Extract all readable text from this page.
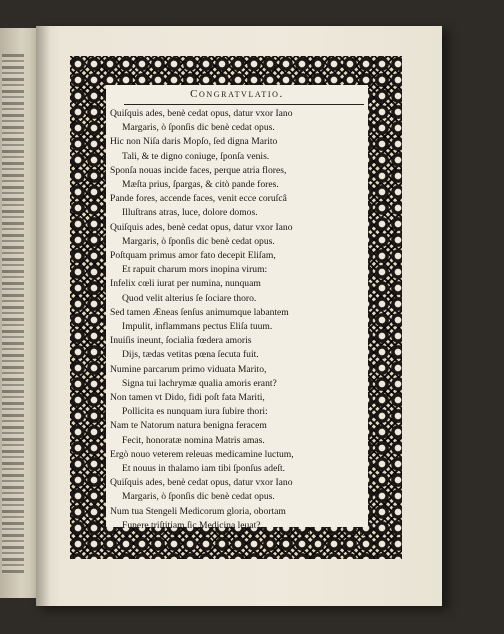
Congratvlatio.
Quiſquis ades, benè cedat opus, datur vxor Iano
Margaris, ò ſponſis dic benè cedat opus.
Hic non Niſa daris Mopſo, ſed digna Marito
Tali, & te digno coniuge, ſponſa venis.
Sponſa nouas incide faces, perque atria flores,
Mæſta prius, ſpargas, & citò pande fores.
Pande fores, accende faces, venit ecce coruſcâ
Illuſtrans atras, luce, dolore domos.
Quiſquis ades, benè cedat opus, datur vxor Iano
Margaris, ò ſponſis dic benè cedat opus.
Poſtquam primus amor fato decepit Eliſam,
Et rapuit charum mors inopina virum:
Infelix cœli iurat per numina, nunquam
Quod velit alterius ſe ſociare thoro.
Sed tamen Æneas ſenſus animumque labantem
Impulit, inflammans pectus Eliſa tuum.
Inuiſis ineunt, ſocialia fœdera amoris
Dijs, tædas vetitas pœna ſecuta fuit.
Numine parcarum primo viduata Marito,
Signa tui lachrymæ qualia amoris erant?
Non tamen vt Dido, fidi poſt fata Mariti,
Pollicita es nunquam iura ſubire thori:
Nam te Natorum natura benigna feracem
Fecit, honoratæ nomina Matris amas.
Ergò nouo veterem releuas medicamine luctum,
Et nouus in thalamo iam tibi ſponſus adeſt.
Quiſquis ades, benè cedat opus, datur vxor Iano
Margaris, ò ſponſis dic benè cedat opus.
Num tua Stengeli Medicorum gloria, obortam
Funere triſtitiam ſic Medicina leuat?
A 4	Sic
